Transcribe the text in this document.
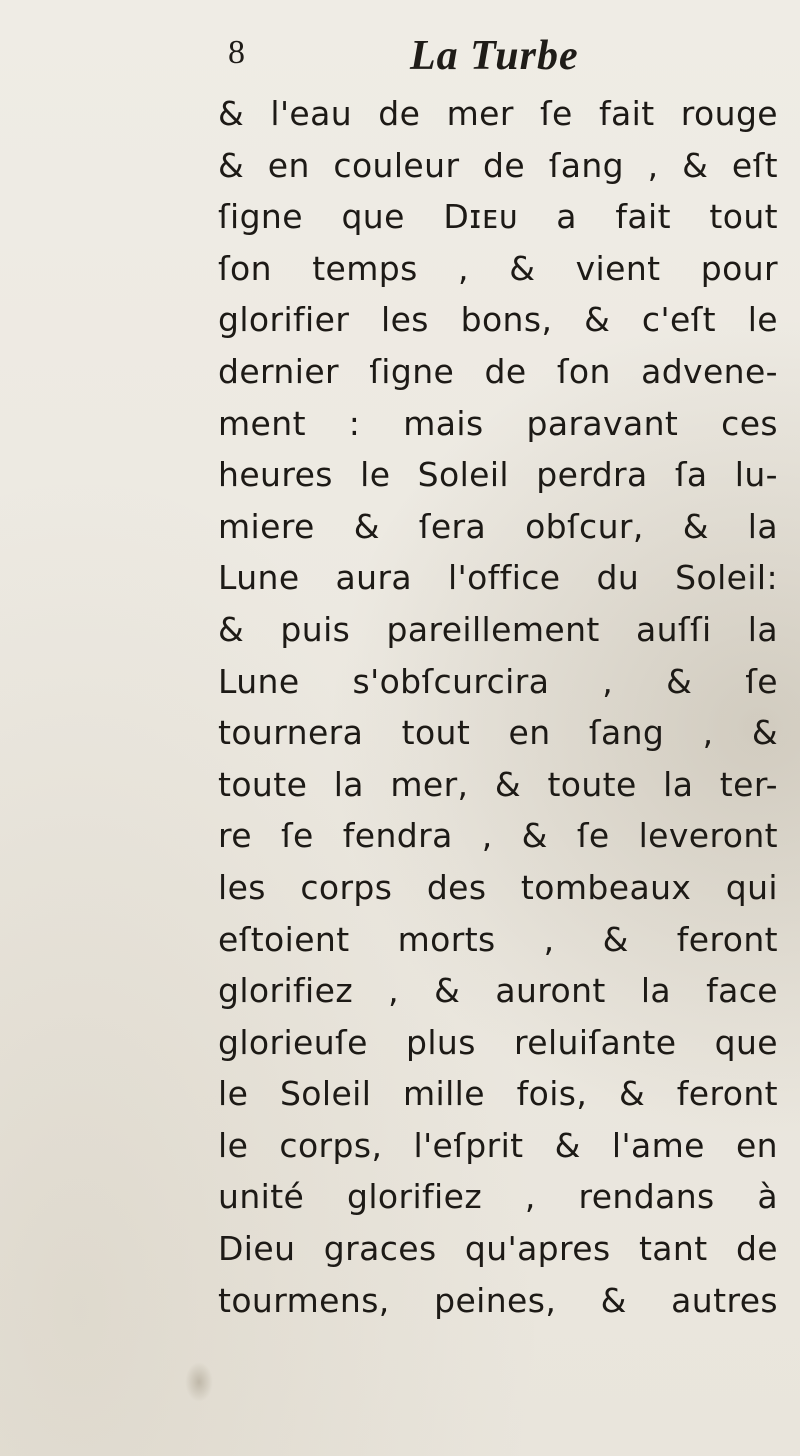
8	La Turbe
& l'eau de mer ſe fait rouge
& en couleur de ſang , & eſt
ſigne que Dɪᴇᴜ a fait tout
ſon temps , & vient pour
glorifier les bons, & c'eſt le
dernier ſigne de ſon advene-
ment : mais paravant ces
heures le Soleil perdra ſa lu-
miere & ſera obſcur, & la
Lune aura l'office du Soleil:
& puis pareillement auſſi la
Lune s'obſcurcira , & ſe
tournera tout en ſang , &
toute la mer, & toute la ter-
re ſe fendra , & ſe leveront
les corps des tombeaux qui
eſtoient morts , & feront
glorifiez , & auront la face
glorieuſe plus reluiſante que
le Soleil mille fois, & feront
le corps, l'eſprit & l'ame en
unité glorifiez , rendans à
Dieu graces qu'apres tant de
tourmens, peines, & autres
